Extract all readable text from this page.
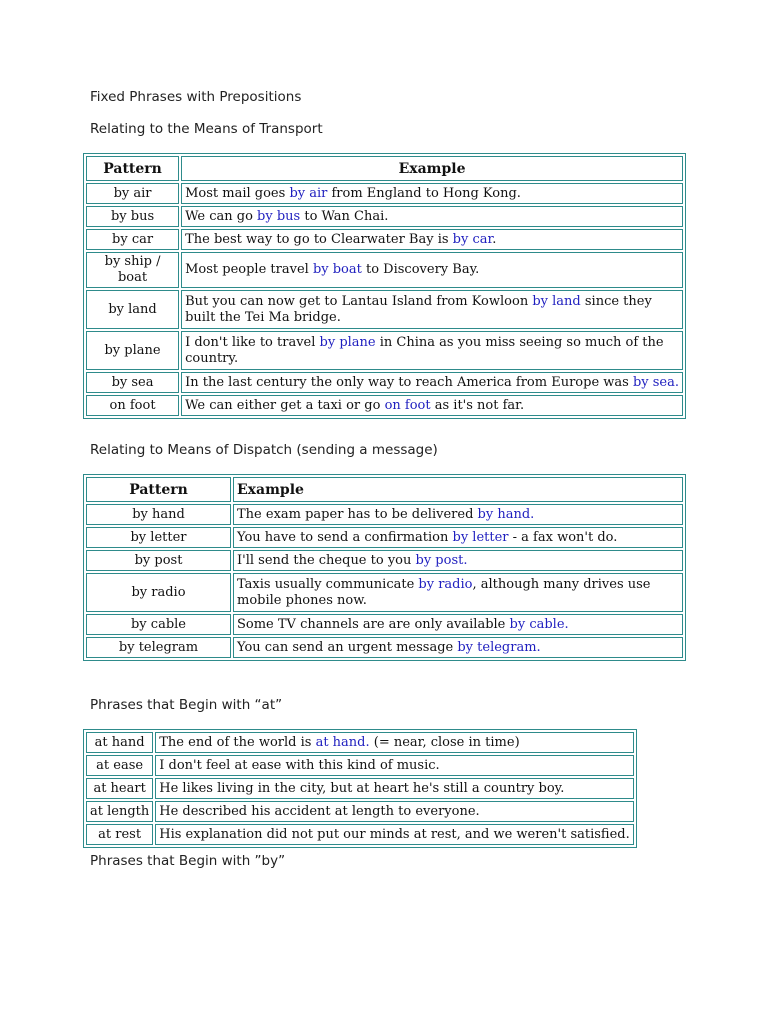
Fixed Phrases with Prepositions

Relating to the Means of Transport

Pattern	Example
by air	Most mail goes by air from England to Hong Kong.
by bus	We can go by bus to Wan Chai.
by car	The best way to go to Clearwater Bay is by car.
by ship / boat	Most people travel by boat to Discovery Bay.
by land	But you can now get to Lantau Island from Kowloon by land since they built the Tei Ma bridge.
by plane	I don't like to travel by plane in China as you miss seeing so much of the country.
by sea	In the last century the only way to reach America from Europe was by sea.
on foot	We can either get a taxi or go on foot as it's not far.

Relating to Means of Dispatch (sending a message)

Pattern	Example
by hand	The exam paper has to be delivered by hand.
by letter	You have to send a confirmation by letter - a fax won't do.
by post	I'll send the cheque to you by post.
by radio	Taxis usually communicate by radio, although many drives use mobile phones now.
by cable	Some TV channels are are only available by cable.
by telegram	You can send an urgent message by telegram.

Phrases that Begin with “at”

at hand	The end of the world is at hand. (= near, close in time)
at ease	I don't feel at ease with this kind of music.
at heart	He likes living in the city, but at heart he's still a country boy.
at length	He described his accident at length to everyone.
at rest	His explanation did not put our minds at rest, and we weren't satisfied.

Phrases that Begin with ”by”
